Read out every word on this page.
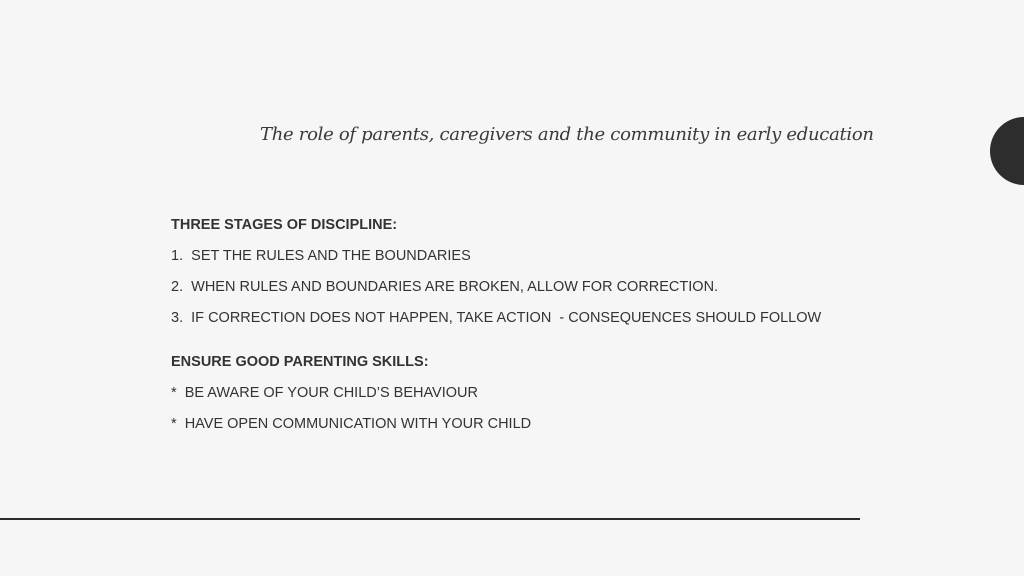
The role of parents, caregivers and the community in early education
THREE STAGES OF DISCIPLINE:
1.  SET THE RULES AND THE BOUNDARIES
2.  WHEN RULES AND BOUNDARIES ARE BROKEN, ALLOW FOR CORRECTION.
3.  IF CORRECTION DOES NOT HAPPEN, TAKE ACTION  - CONSEQUENCES SHOULD FOLLOW
ENSURE GOOD PARENTING SKILLS:
*  BE AWARE OF YOUR CHILD’S BEHAVIOUR
*  HAVE OPEN COMMUNICATION WITH YOUR CHILD
